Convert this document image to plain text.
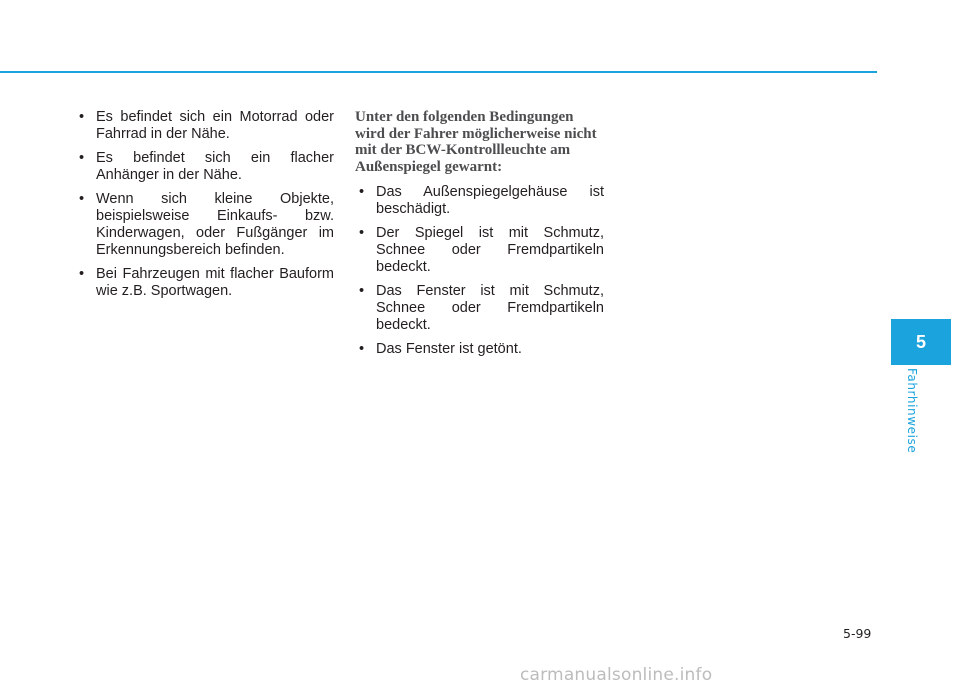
• Es befindet sich ein Motorrad oder Fahrrad in der Nähe.
• Es befindet sich ein flacher Anhänger in der Nähe.
• Wenn sich kleine Objekte, beispielsweise Einkaufs- bzw. Kinderwagen, oder Fußgänger im Erkennungsbereich befinden.
• Bei Fahrzeugen mit flacher Bauform wie z.B. Sportwagen.

Unter den folgenden Bedingungen wird der Fahrer möglicherweise nicht mit der BCW-Kontrollleuchte am Außenspiegel gewarnt:

• Das Außenspiegelgehäuse ist beschädigt.
• Der Spiegel ist mit Schmutz, Schnee oder Fremdpartikeln bedeckt.
• Das Fenster ist mit Schmutz, Schnee oder Fremdpartikeln bedeckt.
• Das Fenster ist getönt.	5
Fahrhinweise
5-99
carmanualsonline.info
